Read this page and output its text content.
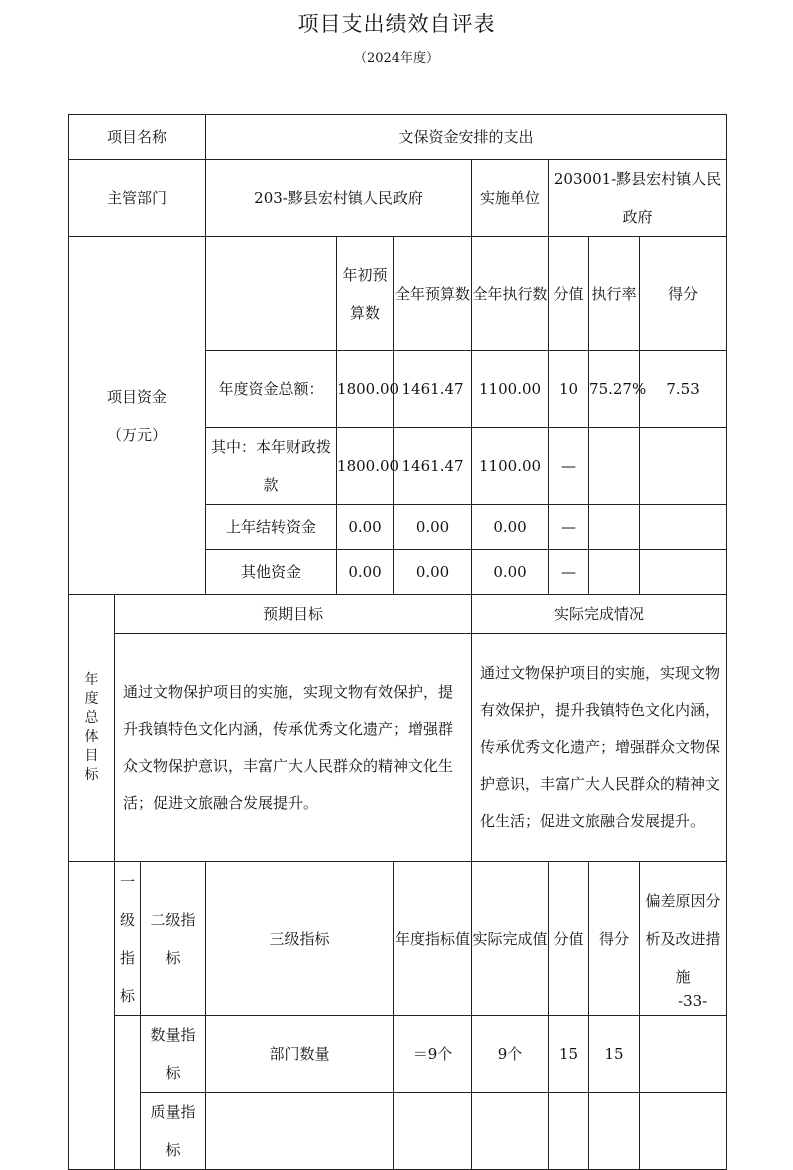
项目支出绩效自评表
（2024年度）
项目名称			文保资金安排的支出						
主管部门			203-黟县宏村镇人民政府			实施单位	203001-黟县宏村镇人民政府		
项目资金（万元）				年初预算数	全年预算数	全年执行数	分值	执行率	得分
			年度资金总额：	1800.00	1461.47	1100.00	10	75.27%	7.53
			其中：本年财政拨款	1800.00	1461.47	1100.00	—		
			上年结转资金	0.00	0.00	0.00	—		
			其他资金	0.00	0.00	0.00	—		
年度总体目标	预期目标					实际完成情况			
	通过文物保护项目的实施，实现文物有效保护，提升我镇特色文化内涵，传承优秀文化遗产；增强群众文物保护意识，丰富广大人民群众的精神文化生活；促进文旅融合发展提升。					通过文物保护项目的实施，实现文物有效保护，提升我镇特色文化内涵，传承优秀文化遗产；增强群众文物保护意识，丰富广大人民群众的精神文化生活；促进文旅融合发展提升。			
	一级指标	二级指标	三级指标		年度指标值	实际完成值	分值	得分	偏差原因分析及改进措施
		数量指标	部门数量		＝9个	9个	15	15	
		质量指标							
-33-
